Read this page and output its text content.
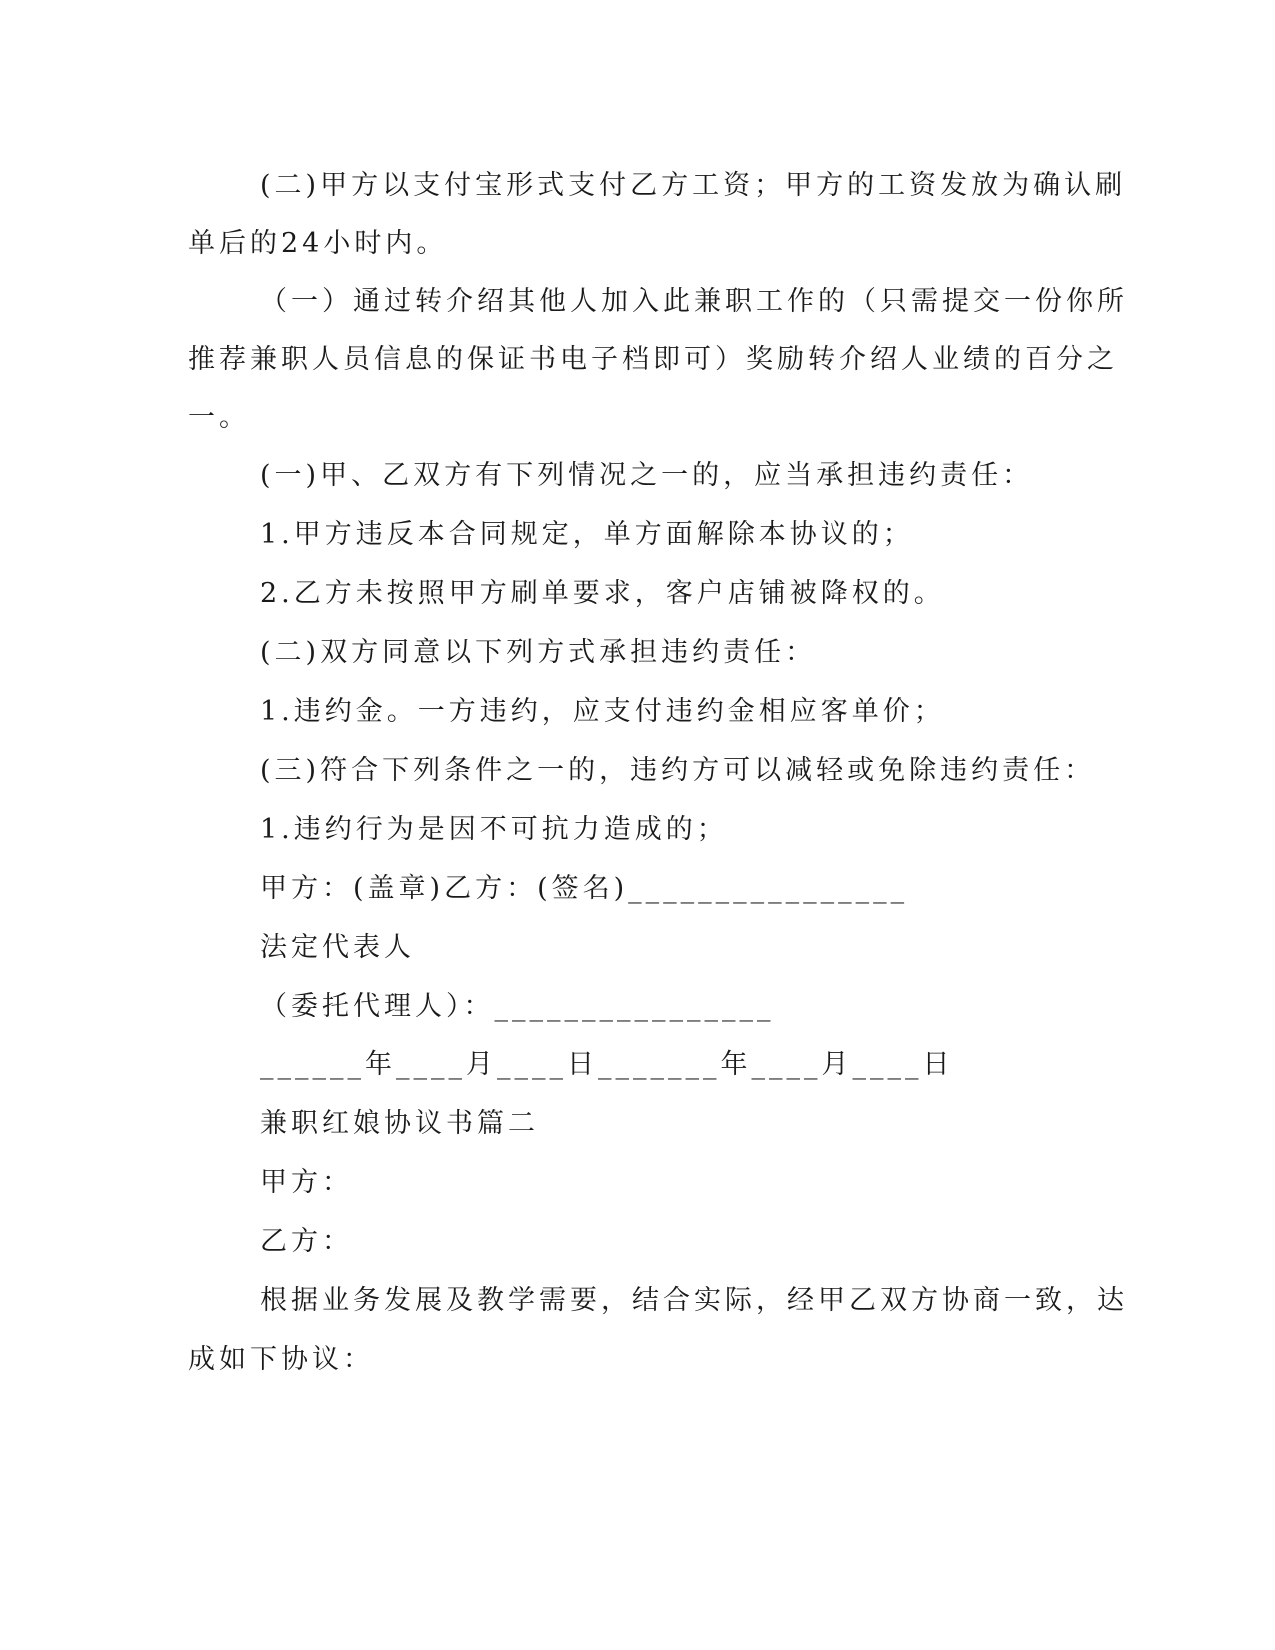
(二)甲方以支付宝形式支付乙方工资；甲方的工资发放为确认刷
单后的24小时内。
（一）通过转介绍其他人加入此兼职工作的（只需提交一份你所
推荐兼职人员信息的保证书电子档即可）奖励转介绍人业绩的百分之
一。
(一)甲、乙双方有下列情况之一的，应当承担违约责任：
1.甲方违反本合同规定，单方面解除本协议的；
2.乙方未按照甲方刷单要求，客户店铺被降权的。
(二)双方同意以下列方式承担违约责任：
1.违约金。一方违约，应支付违约金相应客单价；
(三)符合下列条件之一的，违约方可以减轻或免除违约责任：
1.违约行为是因不可抗力造成的；
甲方：(盖章)乙方：(签名)________________
法定代表人
（委托代理人）：________________
______年____月____日_______年____月____日
兼职红娘协议书篇二
甲方：
乙方：
根据业务发展及教学需要，结合实际，经甲乙双方协商一致，达
成如下协议：
